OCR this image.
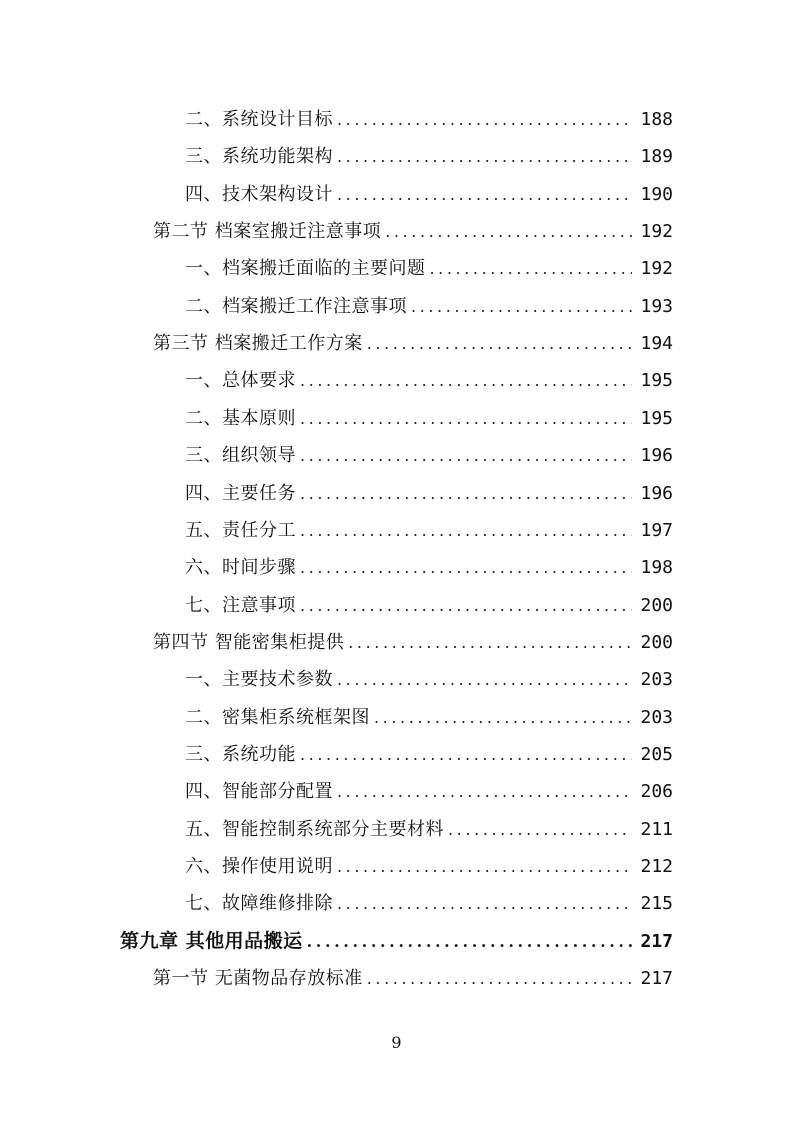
二、系统设计目标 .....	188
三、系统功能架构 .....	189
四、技术架构设计 .....	190
第二节 档案室搬迁注意事项 .....	192
一、档案搬迁面临的主要问题 .....	192
二、档案搬迁工作注意事项 .....	193
第三节 档案搬迁工作方案 .....	194
一、总体要求 .....	195
二、基本原则 .....	195
三、组织领导 .....	196
四、主要任务 .....	196
五、责任分工 .....	197
六、时间步骤 .....	198
七、注意事项 .....	200
第四节 智能密集柜提供 .....	200
一、主要技术参数 .....	203
二、密集柜系统框架图 .....	203
三、系统功能 .....	205
四、智能部分配置 .....	206
五、智能控制系统部分主要材料 .....	211
六、操作使用说明 .....	212
七、故障维修排除 .....	215
第九章 其他用品搬运 .....	217
第一节 无菌物品存放标准 .....	217
9
